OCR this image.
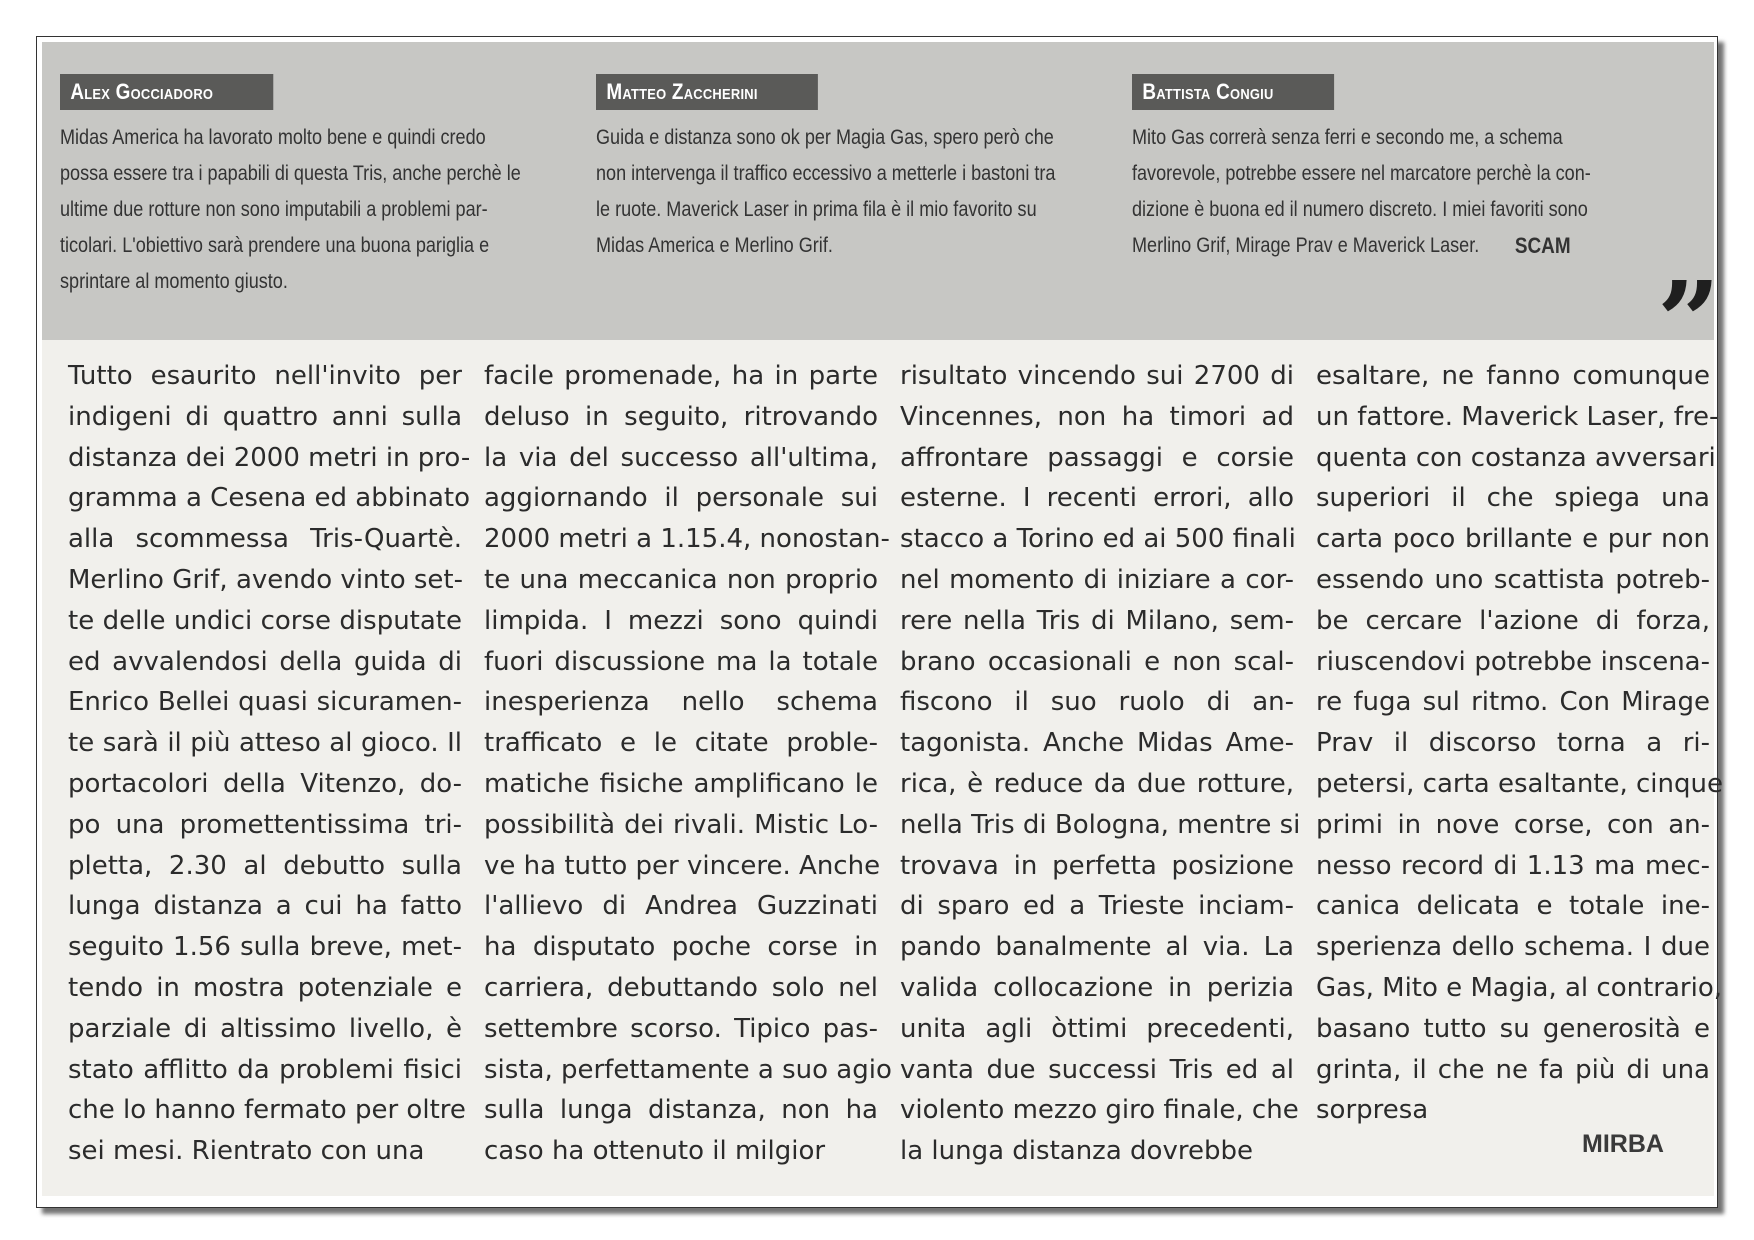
Alex Gocciadoro
Midas America ha lavorato molto bene e quindi credo
possa essere tra i papabili di questa Tris, anche perchè le
ultime due rotture non sono imputabili a problemi par-
ticolari. L'obiettivo sarà prendere una buona pariglia e
sprintare al momento giusto.
Matteo Zaccherini
Guida e distanza sono ok per Magia Gas, spero però che
non intervenga il traffico eccessivo a metterle i bastoni tra
le ruote. Maverick Laser in prima fila è il mio favorito su
Midas America e Merlino Grif.
Battista Congiu
Mito Gas correrà senza ferri e secondo me, a schema
favorevole, potrebbe essere nel marcatore perchè la con-
dizione è buona ed il numero discreto. I miei favoriti sono
Merlino Grif, Mirage Prav e Maverick Laser. SCAM
”
Tutto esaurito nell'invito per
indigeni di quattro anni sulla
distanza dei 2000 metri in pro-
gramma a Cesena ed abbinato
alla scommessa Tris-Quartè.
Merlino Grif, avendo vinto set-
te delle undici corse disputate
ed avvalendosi della guida di
Enrico Bellei quasi sicuramen-
te sarà il più atteso al gioco. Il
portacolori della Vitenzo, do-
po una promettentissima tri-
pletta, 2.30 al debutto sulla
lunga distanza a cui ha fatto
seguito 1.56 sulla breve, met-
tendo in mostra potenziale e
parziale di altissimo livello, è
stato afflitto da problemi fisici
che lo hanno fermato per oltre
sei mesi. Rientrato con una
facile promenade, ha in parte
deluso in seguito, ritrovando
la via del successo all'ultima,
aggiornando il personale sui
2000 metri a 1.15.4, nonostan-
te una meccanica non proprio
limpida. I mezzi sono quindi
fuori discussione ma la totale
inesperienza nello schema
trafficato e le citate proble-
matiche fisiche amplificano le
possibilità dei rivali. Mistic Lo-
ve ha tutto per vincere. Anche
l'allievo di Andrea Guzzinati
ha disputato poche corse in
carriera, debuttando solo nel
settembre scorso. Tipico pas-
sista, perfettamente a suo agio
sulla lunga distanza, non ha
caso ha ottenuto il milgior
risultato vincendo sui 2700 di
Vincennes, non ha timori ad
affrontare passaggi e corsie
esterne. I recenti errori, allo
stacco a Torino ed ai 500 finali
nel momento di iniziare a cor-
rere nella Tris di Milano, sem-
brano occasionali e non scal-
fiscono il suo ruolo di an-
tagonista. Anche Midas Ame-
rica, è reduce da due rotture,
nella Tris di Bologna, mentre si
trovava in perfetta posizione
di sparo ed a Trieste inciam-
pando banalmente al via. La
valida collocazione in perizia
unita agli òttimi precedenti,
vanta due successi Tris ed al
violento mezzo giro finale, che
la lunga distanza dovrebbe
esaltare, ne fanno comunque
un fattore. Maverick Laser, fre-
quenta con costanza avversari
superiori il che spiega una
carta poco brillante e pur non
essendo uno scattista potreb-
be cercare l'azione di forza,
riuscendovi potrebbe inscena-
re fuga sul ritmo. Con Mirage
Prav il discorso torna a ri-
petersi, carta esaltante, cinque
primi in nove corse, con an-
nesso record di 1.13 ma mec-
canica delicata e totale ine-
sperienza dello schema. I due
Gas, Mito e Magia, al contrario,
basano tutto su generosità e
grinta, il che ne fa più di una
sorpresa
MIRBA
